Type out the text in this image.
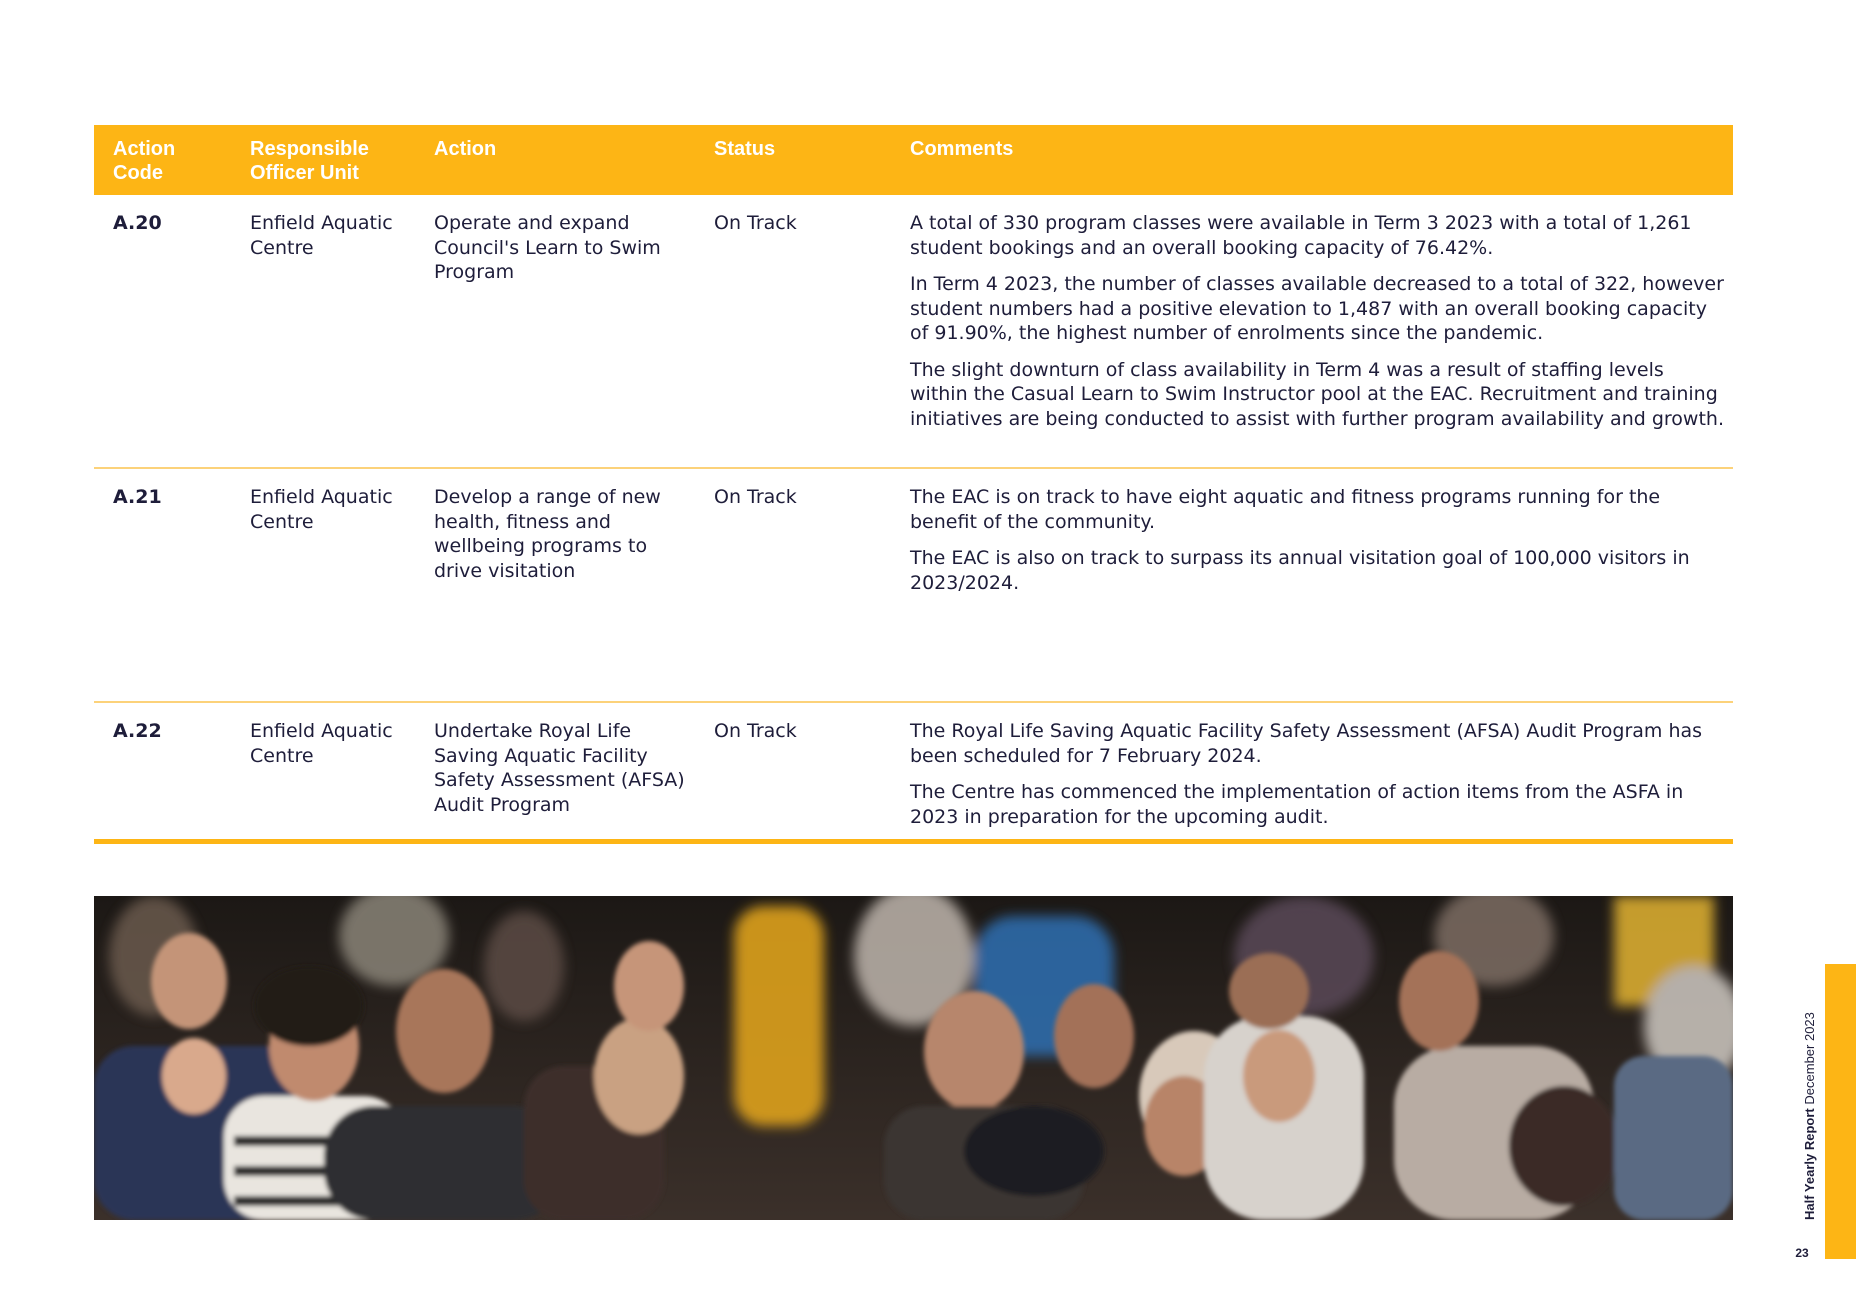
Action Code	Responsible Officer Unit	Action	Status	Comments
A.20	Enfield Aquatic Centre	Operate and expand Council's Learn to Swim Program	On Track	A total of 330 program classes were available in Term 3 2023 with a total of 1,261 student bookings and an overall booking capacity of 76.42%.

In Term 4 2023, the number of classes available decreased to a total of 322, however student numbers had a positive elevation to 1,487 with an overall booking capacity of 91.90%, the highest number of enrolments since the pandemic.

The slight downturn of class availability in Term 4 was a result of staffing levels within the Casual Learn to Swim Instructor pool at the EAC. Recruitment and training initiatives are being conducted to assist with further program availability and growth.

A.21	Enfield Aquatic Centre	Develop a range of new health, fitness and wellbeing programs to drive visitation	On Track	The EAC is on track to have eight aquatic and fitness programs running for the benefit of the community.

The EAC is also on track to surpass its annual visitation goal of 100,000 visitors in 2023/2024.

A.22	Enfield Aquatic Centre	Undertake Royal Life Saving Aquatic Facility Safety Assessment (AFSA) Audit Program	On Track	The Royal Life Saving Aquatic Facility Safety Assessment (AFSA) Audit Program has been scheduled for 7 February 2024.

The Centre has commenced the implementation of action items from the ASFA in 2023 in preparation for the upcoming audit.

Half Yearly Report December 2023
23
